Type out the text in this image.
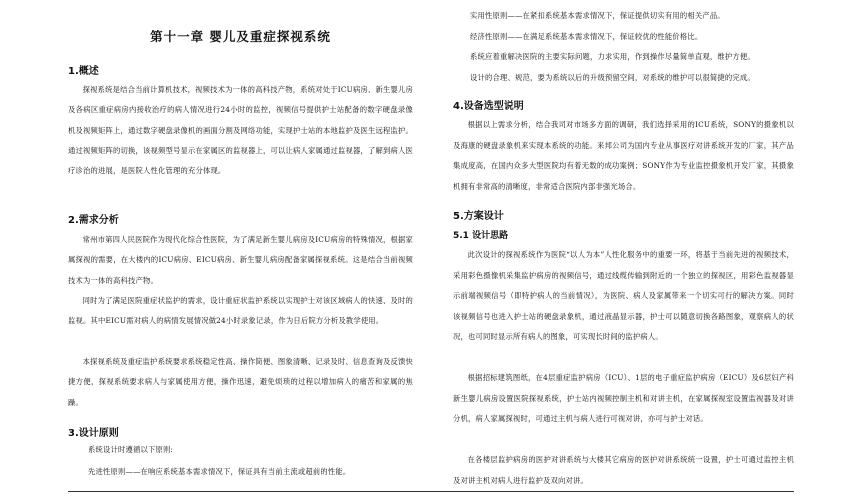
第十一章 婴儿及重症探视系统
1.概述

探视系统是结合当前计算机技术，视频技术为一体的高科技产物，系统对处于ICU病房、新生婴儿房及各病区重症病房内接收治疗的病人情况进行24小时的监控，视频信号提供护士站配备的数字硬盘录像机及视频矩阵上，通过数字硬盘录像机的画面分割及网络功能，实现护士站的本地监护及医生远程监护。通过视频矩阵的切换，该视频型号显示在家属区的监视器上，可以让病人家属通过监视器，了解到病人医疗诊治的进展，是医院人性化管理的充分体现。

2.需求分析

常州市第四人民医院作为现代化综合性医院，为了满足新生婴儿病房及ICU病房的特殊情况，根据家属探视的需要，在大楼内的ICU病房、EICU病房、新生婴儿病房配备家属探视系统。这是结合当前视频技术为一体的高科技产物。

同时为了满足医院重症状监护的需求，设计重症状监护系统以实现护士对该区域病人的快速、及时的监视。其中EICU需对病人的病情发展情况做24小时录象记录，作为日后院方分析及教学使用。

本探视系统及重症监护系统要求系统稳定性高、操作简便、图象清晰、记录及时、信息查询及反馈快捷方便，探视系统要求病人与家属使用方便，操作迅速，避免烦琐的过程以增加病人的痛苦和家属的焦躁。

3.设计原则
系统设计时遵循以下原则:
先进性原则——在响应系统基本需求情况下，保证具有当前主流或超前的性能。
实用性原则——在紧扣系统基本需求情况下，保证提供切实有用的相关产品。
经济性原则——在满足系统基本需求情况下，保证较优的性能价格比。
系统应着重解决医院的主要实际问题，力求实用，作到操作尽量简单直观，维护方便。
设计的合理、规范，要为系统以后的升级预留空间，对系统的维护可以很简捷的完成。
4.设备选型说明

根据以上需求分析，结合我司对市场多方面的调研，我们选择采用的ICU系统，SONY的摄象机以及海康的硬盘录象机来实现本系统的功能。来邦公司为国内专业从事医疗对讲系统开发的厂家，其产品集成度高，在国内众多大型医院均有着无数的成功案例；SONY作为专业监控摄象机开发厂家，其摄象机拥有非常高的清晰度，非常适合医院内部非强光场合。

5.方案设计
5.1 设计思路

此次设计的探视系统作为医院“以人为本”人性化服务中的重要一环，将基于当前先进的视频技术，采用彩色摄像机采集监护病房的视频信号，通过线缆传输到附近的一个独立的探视区，用彩色监视器显示前端视频信号（即特护病人的当前情况），为医院、病人及家属带来一个切实可行的解决方案。同时该视频信号也进入护士站的硬盘录象机，通过液晶显示器，护士可以随意切换各路图象，观察病人的状况，也可同时显示所有病人的图象，可实现长时间的监护病人。

根据招标建筑图纸，在4层重症监护病房（ICU）、1层的电子重症监护病房（EICU）及6层妇产科新生婴儿病房设置医院探视系统，护士站内视频控制主机和对讲主机，在家属探视室设置监视器及对讲分机，病人家属探视时，可通过主机与病人进行可视对讲，亦可与护士对话。

在各楼层监护病房的医护对讲系统与大楼其它病房的医护对讲系统统一设置，护士可通过监控主机及对讲主机对病人进行监护及双向对讲。
